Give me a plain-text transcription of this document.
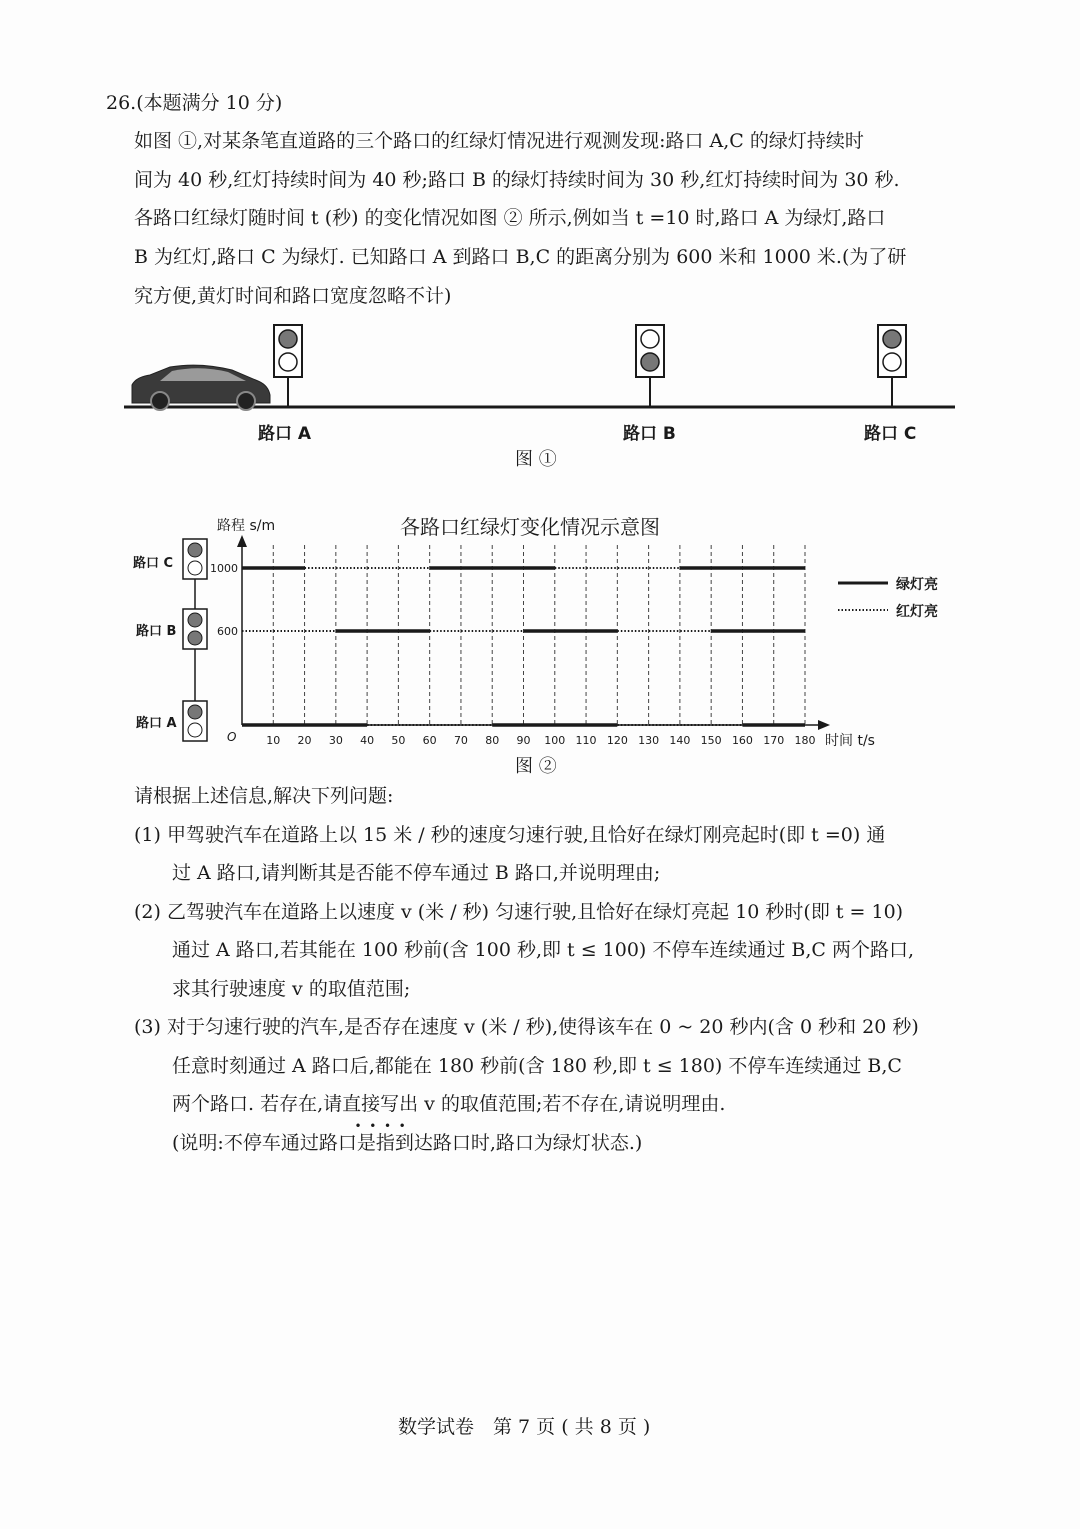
26.(本题满分 10 分)
如图 ①,对某条笔直道路的三个路口的红绿灯情况进行观测发现:路口 A,C 的绿灯持续时
间为 40 秒,红灯持续时间为 40 秒;路口 B 的绿灯持续时间为 30 秒,红灯持续时间为 30 秒.
各路口红绿灯随时间 t (秒) 的变化情况如图 ② 所示,例如当 t =10 时,路口 A 为绿灯,路口
B 为红灯,路口 C 为绿灯. 已知路口 A 到路口 B,C 的距离分别为 600 米和 1000 米.(为了研
究方便,黄灯时间和路口宽度忽略不计)
路口 A	路口 B	路口 C
图 ①
各路口红绿灯变化情况示意图
路程 s/m
时间 t/s
O	10 20 30 40 50 60 70 80 90 100 110 120 130 140 150 160 170 180
600
1000
路口 C
路口 B
路口 A
绿灯亮
红灯亮
图 ②
请根据上述信息,解决下列问题:
(1) 甲驾驶汽车在道路上以 15 米 / 秒的速度匀速行驶,且恰好在绿灯刚亮起时(即 t =0) 通
过 A 路口,请判断其是否能不停车通过 B 路口,并说明理由;
(2) 乙驾驶汽车在道路上以速度 v (米 / 秒) 匀速行驶,且恰好在绿灯亮起 10 秒时(即 t = 10)
通过 A 路口,若其能在 100 秒前(含 100 秒,即 t ≤ 100) 不停车连续通过 B,C 两个路口,
求其行驶速度 v 的取值范围;
(3) 对于匀速行驶的汽车,是否存在速度 v (米 / 秒),使得该车在 0 ~ 20 秒内(含 0 秒和 20 秒)
任意时刻通过 A 路口后,都能在 180 秒前(含 180 秒,即 t ≤ 180) 不停车连续通过 B,C
两个路口. 若存在,请直接写出
•  •  •  •
v 的取值范围;若不存在,请说明理由.
(说明:不停车通过路口是指到达路口时,路口为绿灯状态.)
数学试卷　第 7 页 ( 共 8 页 )
